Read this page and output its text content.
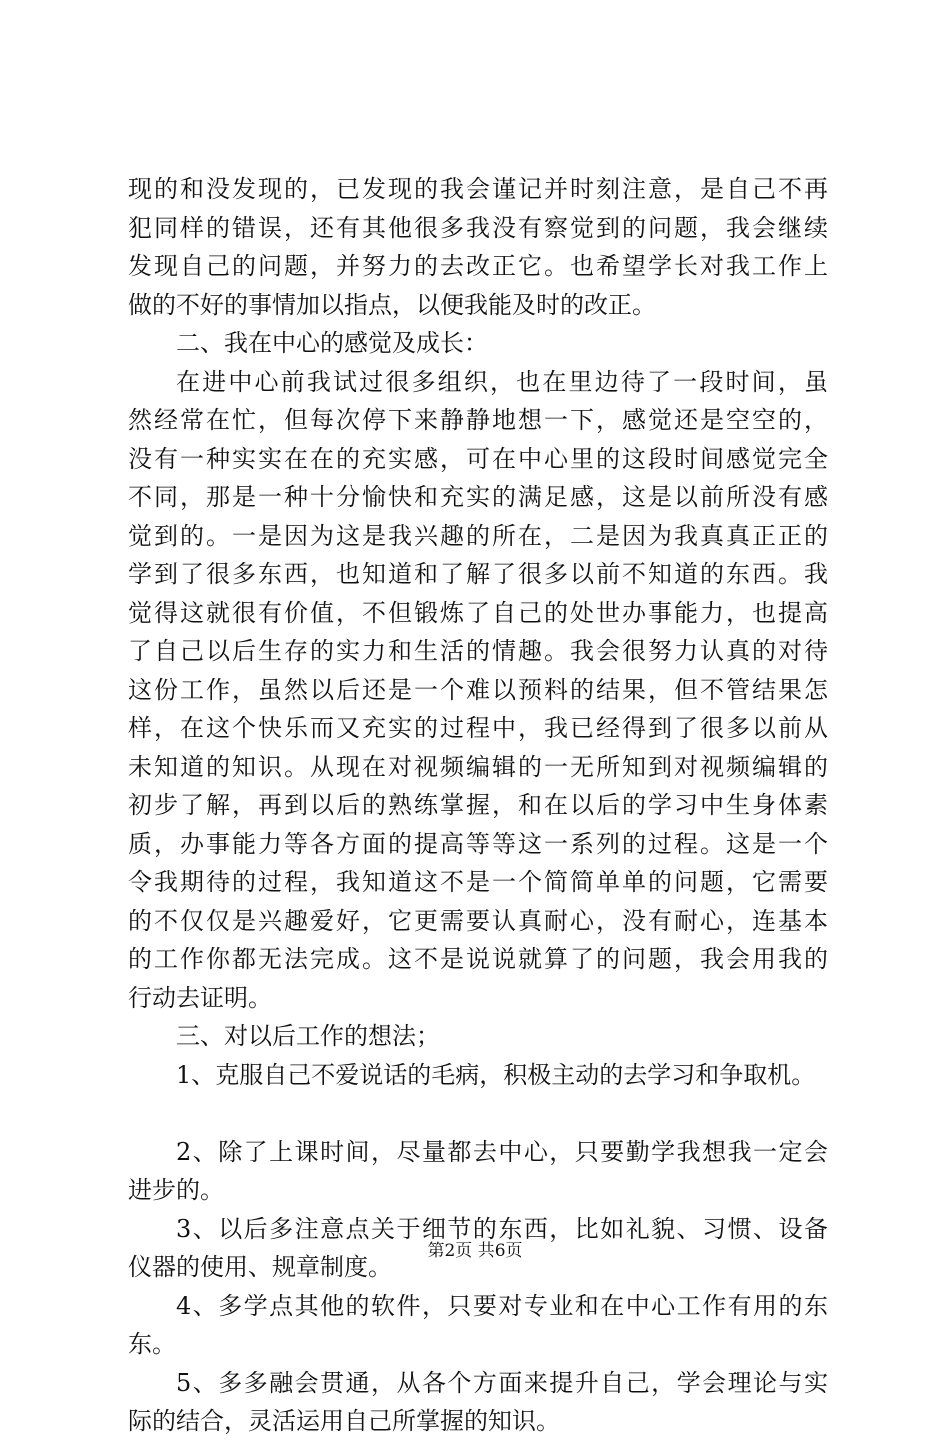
现的和没发现的，已发现的我会谨记并时刻注意，是自己不再
犯同样的错误，还有其他很多我没有察觉到的问题，我会继续
发现自己的问题，并努力的去改正它。也希望学长对我工作上
做的不好的事情加以指点，以便我能及时的改正。
二、我在中心的感觉及成长：
在进中心前我试过很多组织，也在里边待了一段时间，虽
然经常在忙，但每次停下来静静地想一下，感觉还是空空的，
没有一种实实在在的充实感，可在中心里的这段时间感觉完全
不同，那是一种十分愉快和充实的满足感，这是以前所没有感
觉到的。一是因为这是我兴趣的所在，二是因为我真真正正的
学到了很多东西，也知道和了解了很多以前不知道的东西。我
觉得这就很有价值，不但锻炼了自己的处世办事能力，也提高
了自己以后生存的实力和生活的情趣。我会很努力认真的对待
这份工作，虽然以后还是一个难以预料的结果，但不管结果怎
样，在这个快乐而又充实的过程中，我已经得到了很多以前从
未知道的知识。从现在对视频编辑的一无所知到对视频编辑的
初步了解，再到以后的熟练掌握，和在以后的学习中生身体素
质，办事能力等各方面的提高等等这一系列的过程。这是一个
令我期待的过程，我知道这不是一个简简单单的问题，它需要
的不仅仅是兴趣爱好，它更需要认真耐心，没有耐心，连基本
的工作你都无法完成。这不是说说就算了的问题，我会用我的
行动去证明。
三、对以后工作的想法；
1、克服自己不爱说话的毛病，积极主动的去学习和争取机。
2、除了上课时间，尽量都去中心，只要勤学我想我一定会
进步的。
3、以后多注意点关于细节的东西，比如礼貌、习惯、设备
仪器的使用、规章制度。
4、多学点其他的软件，只要对专业和在中心工作有用的东
东。
5、多多融会贯通，从各个方面来提升自己，学会理论与实
际的结合，灵活运用自己所掌握的知识。
第2页 共6页
